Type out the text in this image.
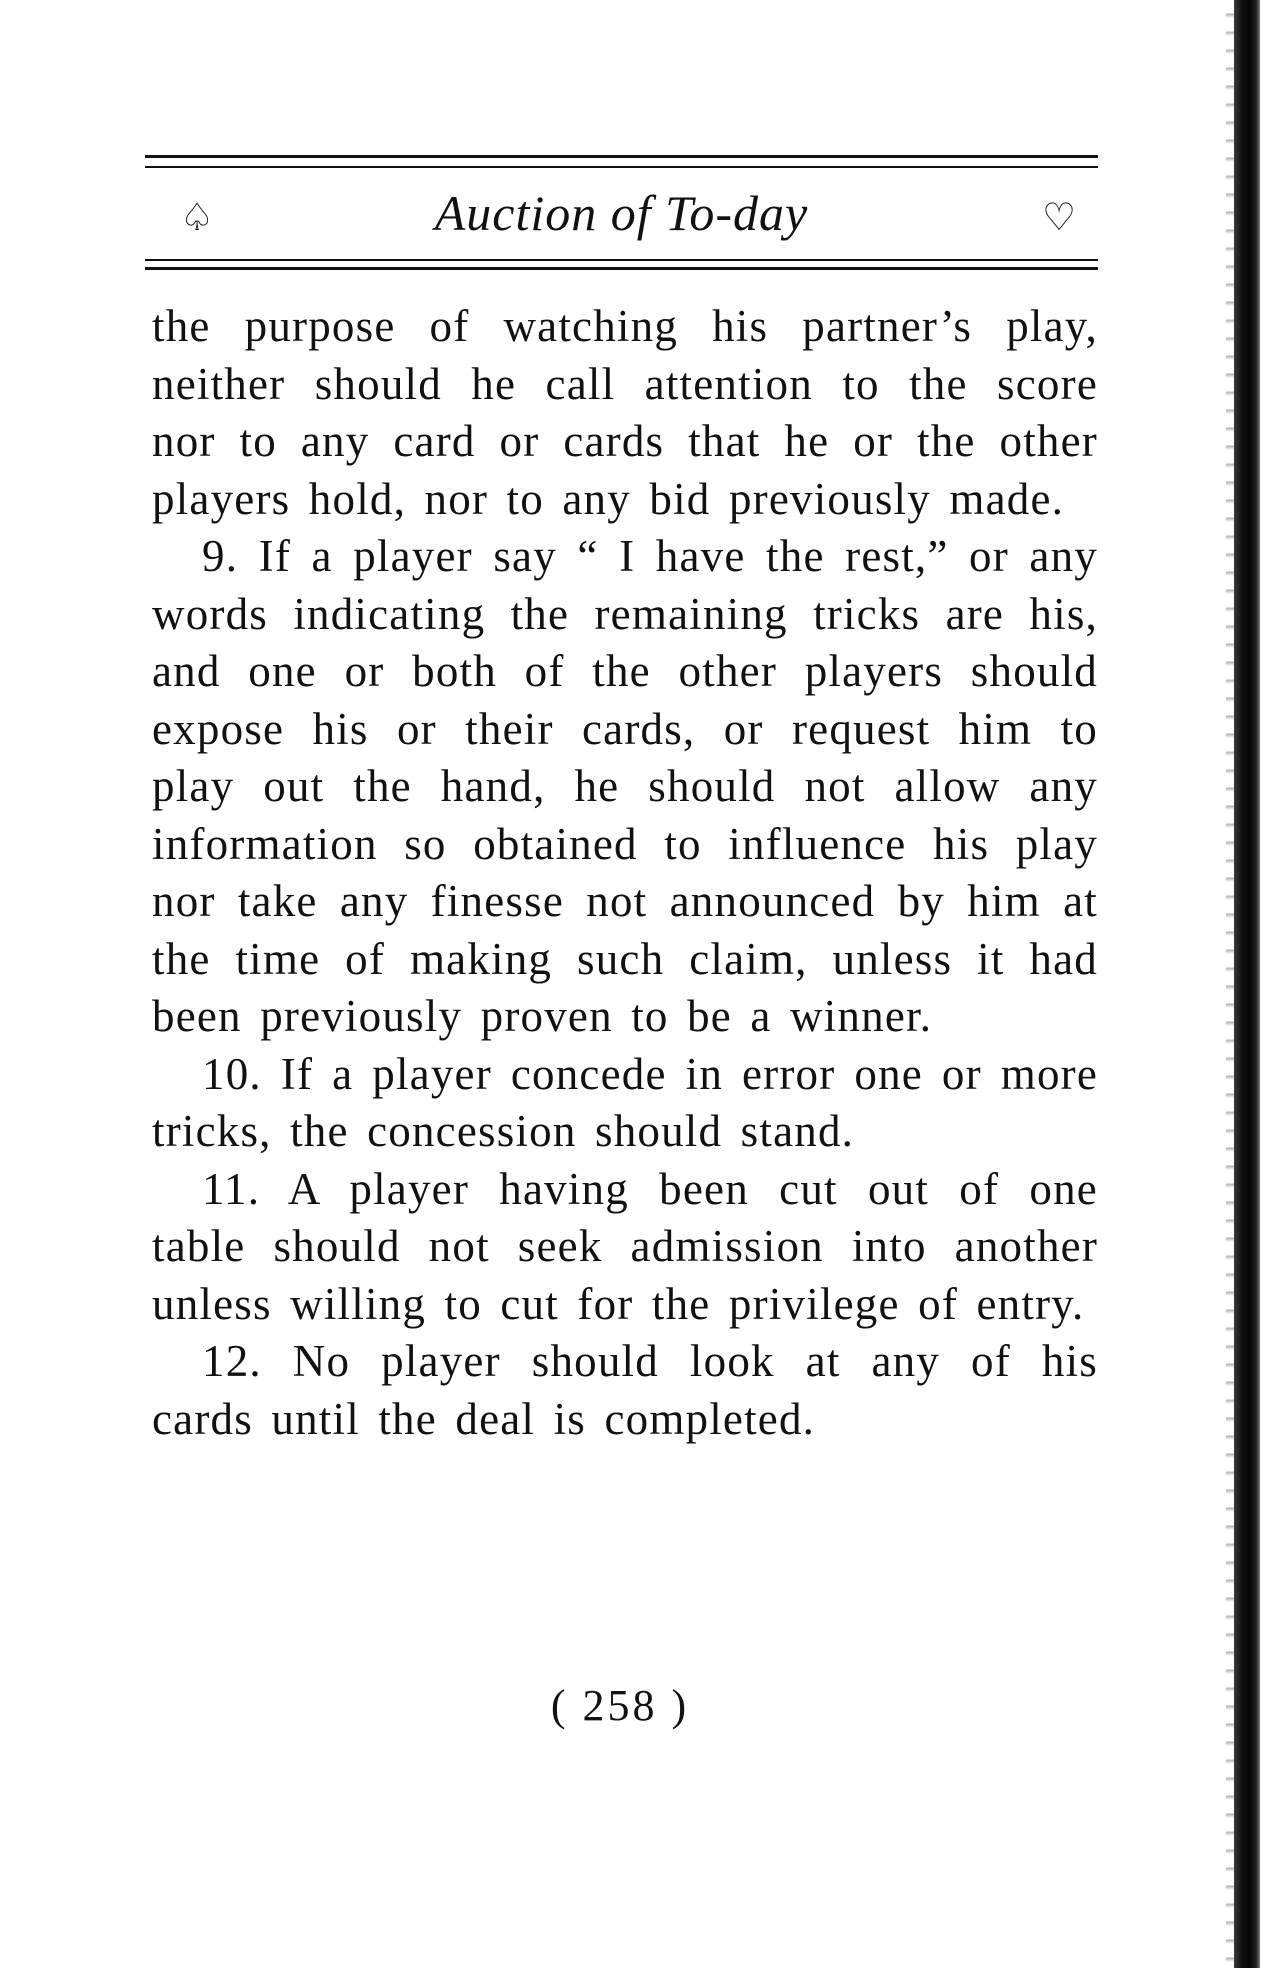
♤	Auction of To-day	♡

the purpose of watching his partner’s play, neither should he call attention to the score nor to any card or cards that he or the other players hold, nor to any bid previously made.

9. If a player say “ I have the rest,” or any words indicating the remaining tricks are his, and one or both of the other players should expose his or their cards, or request him to play out the hand, he should not allow any information so obtained to influence his play nor take any finesse not announced by him at the time of making such claim, unless it had been previously proven to be a winner.

10. If a player concede in error one or more tricks, the concession should stand.

11. A player having been cut out of one table should not seek admission into another unless willing to cut for the privilege of entry.

12. No player should look at any of his cards until the deal is completed.

( 258 )
